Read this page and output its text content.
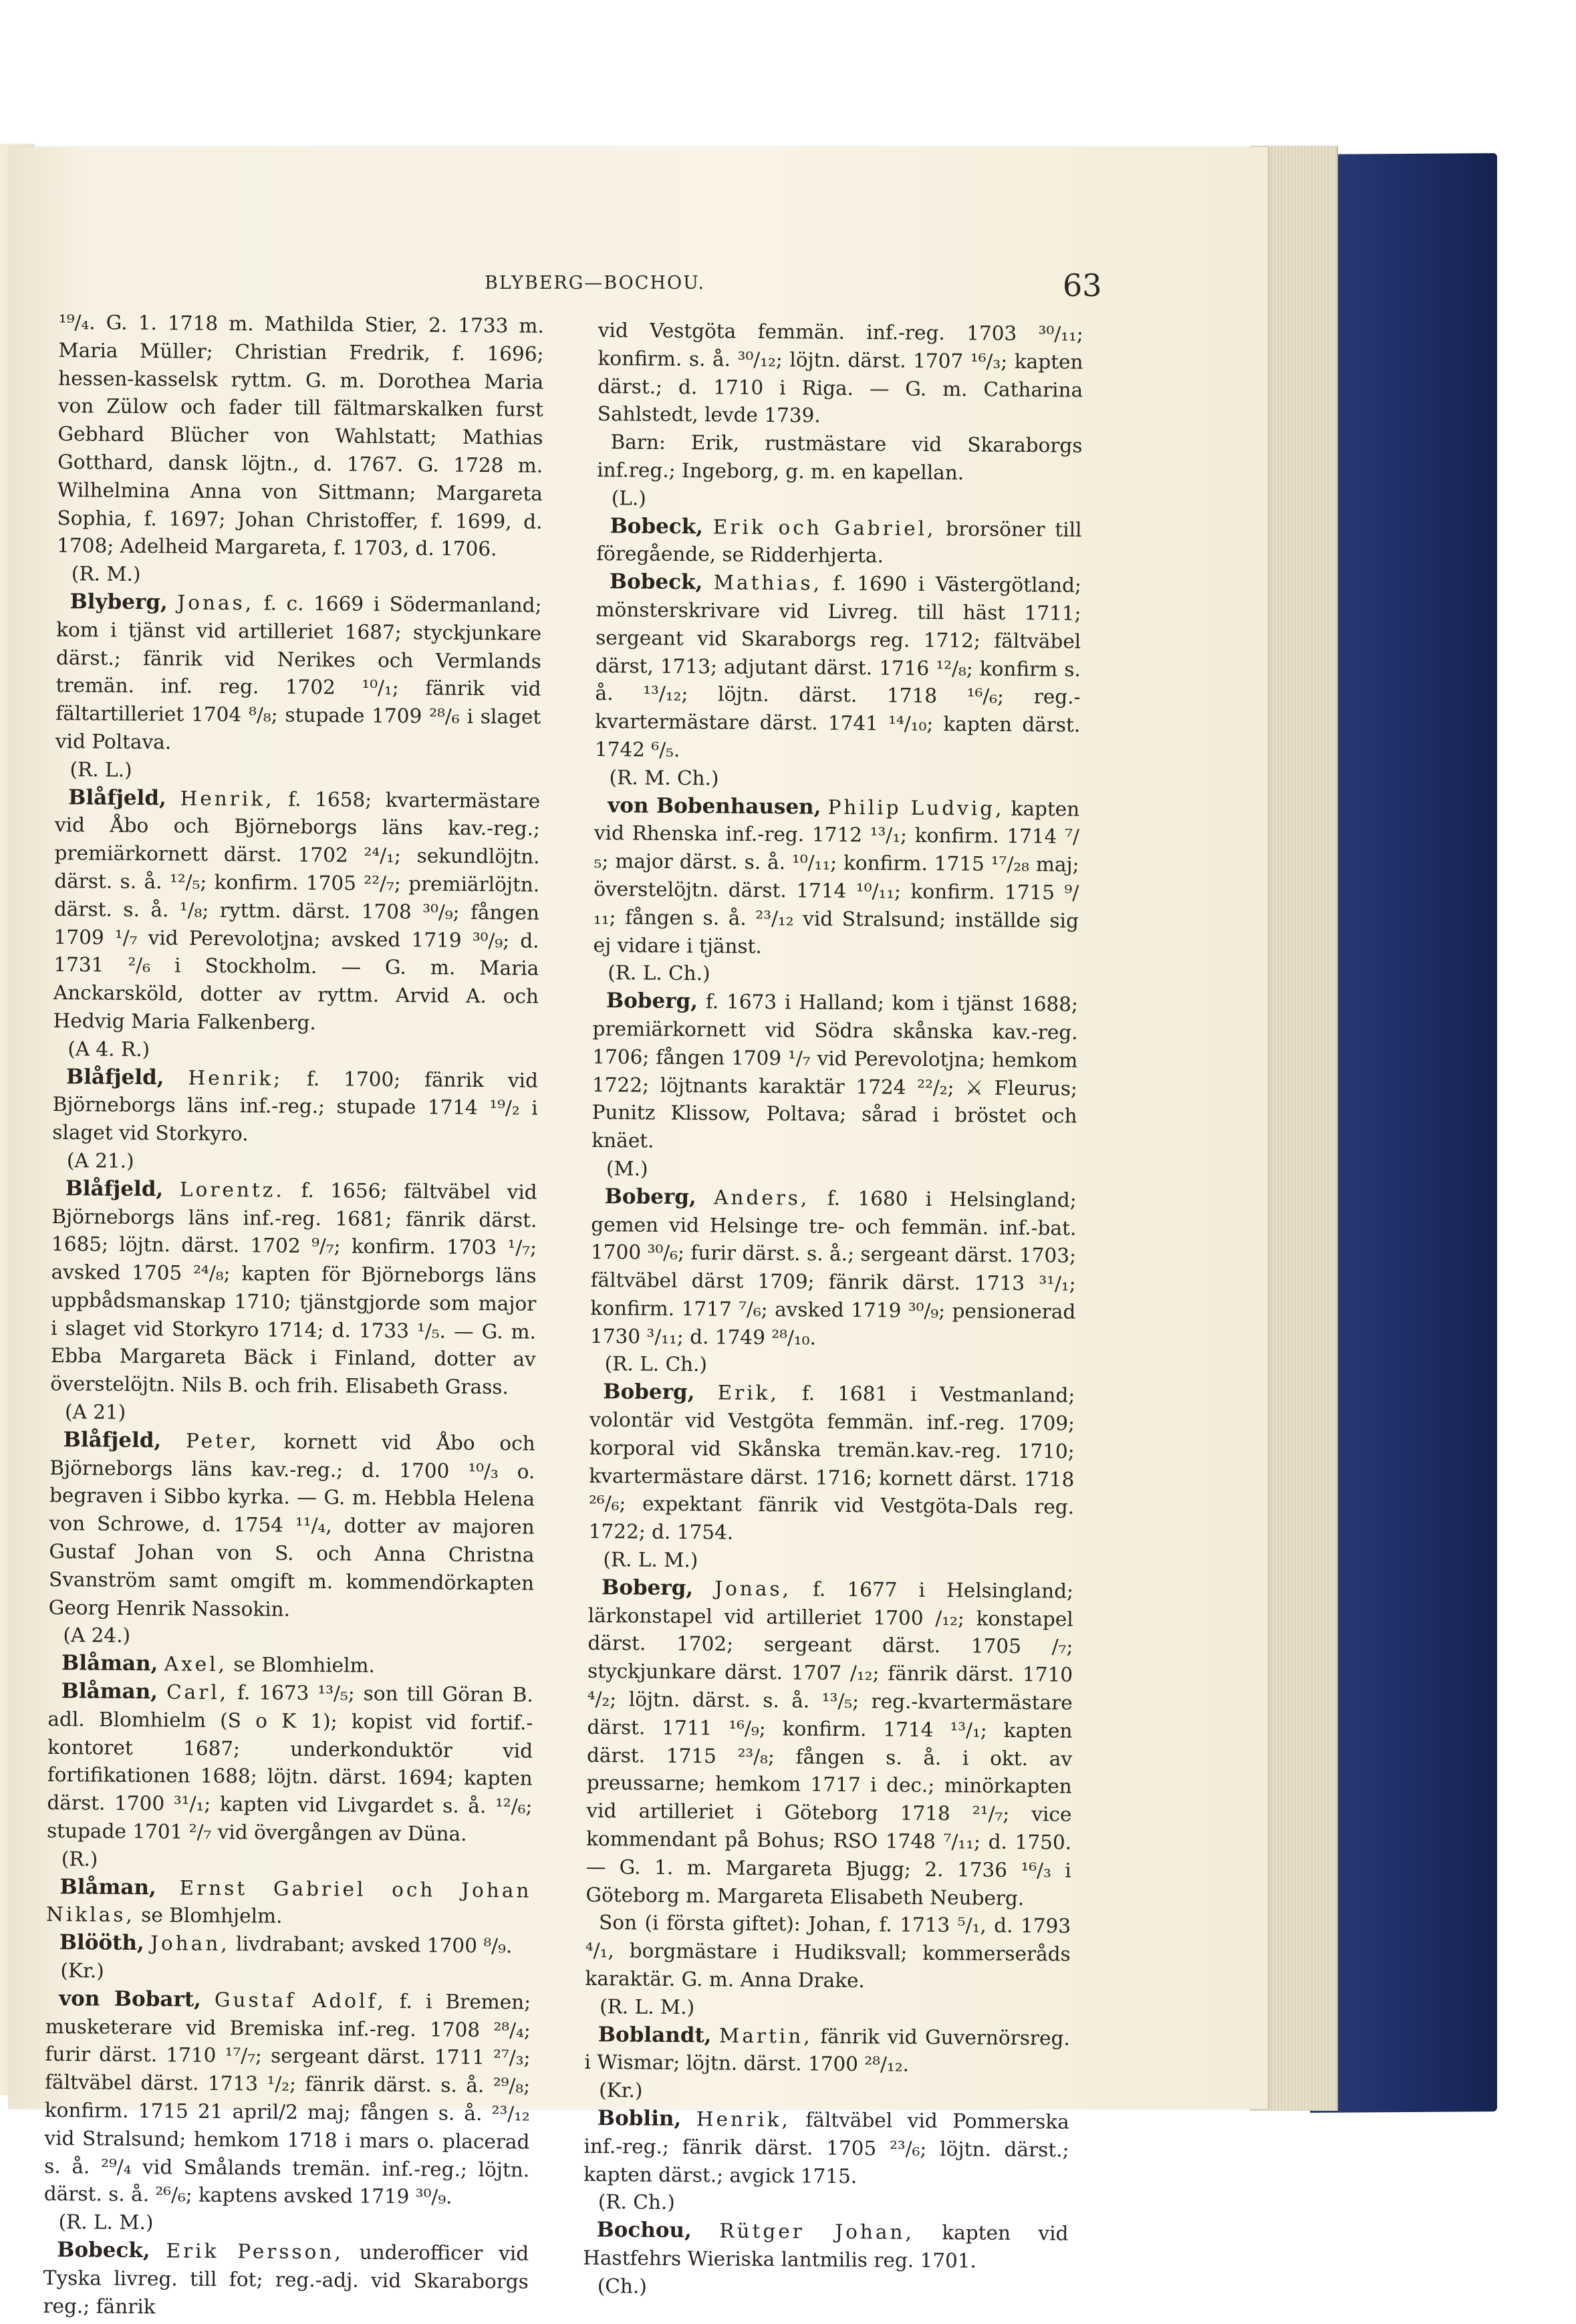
BLYBERG—BOCHOU.	63

¹⁹/₄. G. 1. 1718 m. Mathilda Stier, 2. 1733 m. Maria Müller; Christian Fredrik, f. 1696; hessen-kasselsk ryttm. G. m. Dorothea Maria von Zülow och fader till fältmarskalken furst Gebhard Blücher von Wahlstatt; Mathias Gotthard, dansk löjtn., d. 1767. G. 1728 m. Wilhelmina Anna von Sittmann; Margareta Sophia, f. 1697; Johan Christoffer, f. 1699, d. 1708; Adelheid Margareta, f. 1703, d. 1706.

(R. M.)

Blyberg, Jonas, f. c. 1669 i Södermanland; kom i tjänst vid artilleriet 1687; styckjunkare därst.; fänrik vid Nerikes och Vermlands tremän. inf. reg. 1702 ¹⁰/₁; fänrik vid fältartilleriet 1704 ⁸/₈; stupade 1709 ²⁸/₆ i slaget vid Poltava.

(R. L.)

Blåfjeld, Henrik, f. 1658; kvartermästare vid Åbo och Björneborgs läns kav.-reg.; premiärkornett därst. 1702 ²⁴/₁; sekundlöjtn. därst. s. å. ¹²/₅; konfirm. 1705 ²²/₇; premiärlöjtn. därst. s. å. ¹/₈; ryttm. därst. 1708 ³⁰/₉; fången 1709 ¹/₇ vid Perevolotjna; avsked 1719 ³⁰/₉; d. 1731 ²/₆ i Stockholm. — G. m. Maria Anckarsköld, dotter av ryttm. Arvid A. och Hedvig Maria Falkenberg.

(A 4. R.)

Blåfjeld, Henrik; f. 1700; fänrik vid Björneborgs läns inf.-reg.; stupade 1714 ¹⁹/₂ i slaget vid Storkyro.

(A 21.)

Blåfjeld, Lorentz. f. 1656; fältväbel vid Björneborgs läns inf.-reg. 1681; fänrik därst. 1685; löjtn. därst. 1702 ⁹/₇; konfirm. 1703 ¹/₇; avsked 1705 ²⁴/₈; kapten för Björneborgs läns uppbådsmanskap 1710; tjänstgjorde som major i slaget vid Storkyro 1714; d. 1733 ¹/₅. — G. m. Ebba Margareta Bäck i Finland, dotter av överstelöjtn. Nils B. och frih. Elisabeth Grass.

(A 21)

Blåfjeld, Peter, kornett vid Åbo och Björneborgs läns kav.-reg.; d. 1700 ¹⁰/₃ o. begraven i Sibbo kyrka. — G. m. Hebbla Helena von Schrowe, d. 1754 ¹¹/₄, dotter av majoren Gustaf Johan von S. och Anna Christna Svanström samt omgift m. kommendörkapten Georg Henrik Nassokin.

(A 24.)

Blåman, Axel, se Blomhielm.

Blåman, Carl, f. 1673 ¹³/₅; son till Göran B. adl. Blomhielm (S o K 1); kopist vid fortif.-kontoret 1687; underkonduktör vid fortifikationen 1688; löjtn. därst. 1694; kapten därst. 1700 ³¹/₁; kapten vid Livgardet s. å. ¹²/₆; stupade 1701 ²/₇ vid övergången av Düna.

(R.)

Blåman, Ernst Gabriel och Johan Niklas, se Blomhjelm.

Blööth, Johan, livdrabant; avsked 1700 ⁸/₉.

(Kr.)

von Bobart, Gustaf Adolf, f. i Bremen; musketerare vid Bremiska inf.-reg. 1708 ²⁸/₄; furir därst. 1710 ¹⁷/₇; sergeant därst. 1711 ²⁷/₃; fältväbel därst. 1713 ¹/₂; fänrik därst. s. å. ²⁹/₈; konfirm. 1715 21 april/2 maj; fången s. å. ²³/₁₂ vid Stralsund; hemkom 1718 i mars o. placerad s. å. ²⁹/₄ vid Smålands tremän. inf.-reg.; löjtn. därst. s. å. ²⁶/₆; kaptens avsked 1719 ³⁰/₉.

(R. L. M.)

Bobeck, Erik Persson, underofficer vid Tyska livreg. till fot; reg.-adj. vid Skaraborgs reg.; fänrik

vid Vestgöta femmän. inf.-reg. 1703 ³⁰/₁₁; konfirm. s. å. ³⁰/₁₂; löjtn. därst. 1707 ¹⁶/₃; kapten därst.; d. 1710 i Riga. — G. m. Catharina Sahlstedt, levde 1739.

Barn: Erik, rustmästare vid Skaraborgs inf.reg.; Ingeborg, g. m. en kapellan.

(L.)

Bobeck, Erik och Gabriel, brorsöner till föregående, se Ridderhjerta.

Bobeck, Mathias, f. 1690 i Västergötland; mönsterskrivare vid Livreg. till häst 1711; sergeant vid Skaraborgs reg. 1712; fältväbel därst, 1713; adjutant därst. 1716 ¹²/₈; konfirm s. å. ¹³/₁₂; löjtn. därst. 1718 ¹⁶/₆; reg.-kvartermästare därst. 1741 ¹⁴/₁₀; kapten därst. 1742 ⁶/₅.

(R. M. Ch.)

von Bobenhausen, Philip Ludvig, kapten vid Rhenska inf.-reg. 1712 ¹³/₁; konfirm. 1714 ⁷/₅; major därst. s. å. ¹⁰/₁₁; konfirm. 1715 ¹⁷/₂₈ maj; överstelöjtn. därst. 1714 ¹⁰/₁₁; konfirm. 1715 ⁹/₁₁; fången s. å. ²³/₁₂ vid Stralsund; inställde sig ej vidare i tjänst.

(R. L. Ch.)

Boberg, f. 1673 i Halland; kom i tjänst 1688; premiärkornett vid Södra skånska kav.-reg. 1706; fången 1709 ¹/₇ vid Perevolotjna; hemkom 1722; löjtnants karaktär 1724 ²²/₂; ⚔ Fleurus; Punitz Klissow, Poltava; sårad i bröstet och knäet.

(M.)

Boberg, Anders, f. 1680 i Helsingland; gemen vid Helsinge tre- och femmän. inf.-bat. 1700 ³⁰/₆; furir därst. s. å.; sergeant därst. 1703; fältväbel därst 1709; fänrik därst. 1713 ³¹/₁; konfirm. 1717 ⁷/₆; avsked 1719 ³⁰/₉; pensionerad 1730 ³/₁₁; d. 1749 ²⁸/₁₀.

(R. L. Ch.)

Boberg, Erik, f. 1681 i Vestmanland; volontär vid Vestgöta femmän. inf.-reg. 1709; korporal vid Skånska tremän.kav.-reg. 1710; kvartermästare därst. 1716; kornett därst. 1718 ²⁶/₆; expektant fänrik vid Vestgöta-Dals reg. 1722; d. 1754.

(R. L. M.)

Boberg, Jonas, f. 1677 i Helsingland; lärkonstapel vid artilleriet 1700 /₁₂; konstapel därst. 1702; sergeant därst. 1705 /₇; styckjunkare därst. 1707 /₁₂; fänrik därst. 1710 ⁴/₂; löjtn. därst. s. å. ¹³/₅; reg.-kvartermästare därst. 1711 ¹⁶/₉; konfirm. 1714 ¹³/₁; kapten därst. 1715 ²³/₈; fången s. å. i okt. av preussarne; hemkom 1717 i dec.; minörkapten vid artilleriet i Göteborg 1718 ²¹/₇; vice kommendant på Bohus; RSO 1748 ⁷/₁₁; d. 1750. — G. 1. m. Margareta Bjugg; 2. 1736 ¹⁶/₃ i Göteborg m. Margareta Elisabeth Neuberg.

Son (i första giftet): Johan, f. 1713 ⁵/₁, d. 1793 ⁴/₁, borgmästare i Hudiksvall; kommerseråds karaktär. G. m. Anna Drake.

(R. L. M.)

Boblandt, Martin, fänrik vid Guvernörsreg. i Wismar; löjtn. därst. 1700 ²⁸/₁₂.

(Kr.)

Boblin, Henrik, fältväbel vid Pommerska inf.-reg.; fänrik därst. 1705 ²³/₆; löjtn. därst.; kapten därst.; avgick 1715.

(R. Ch.)

Bochou, Rütger Johan, kapten vid Hastfehrs Wieriska lantmilis reg. 1701.

(Ch.)
